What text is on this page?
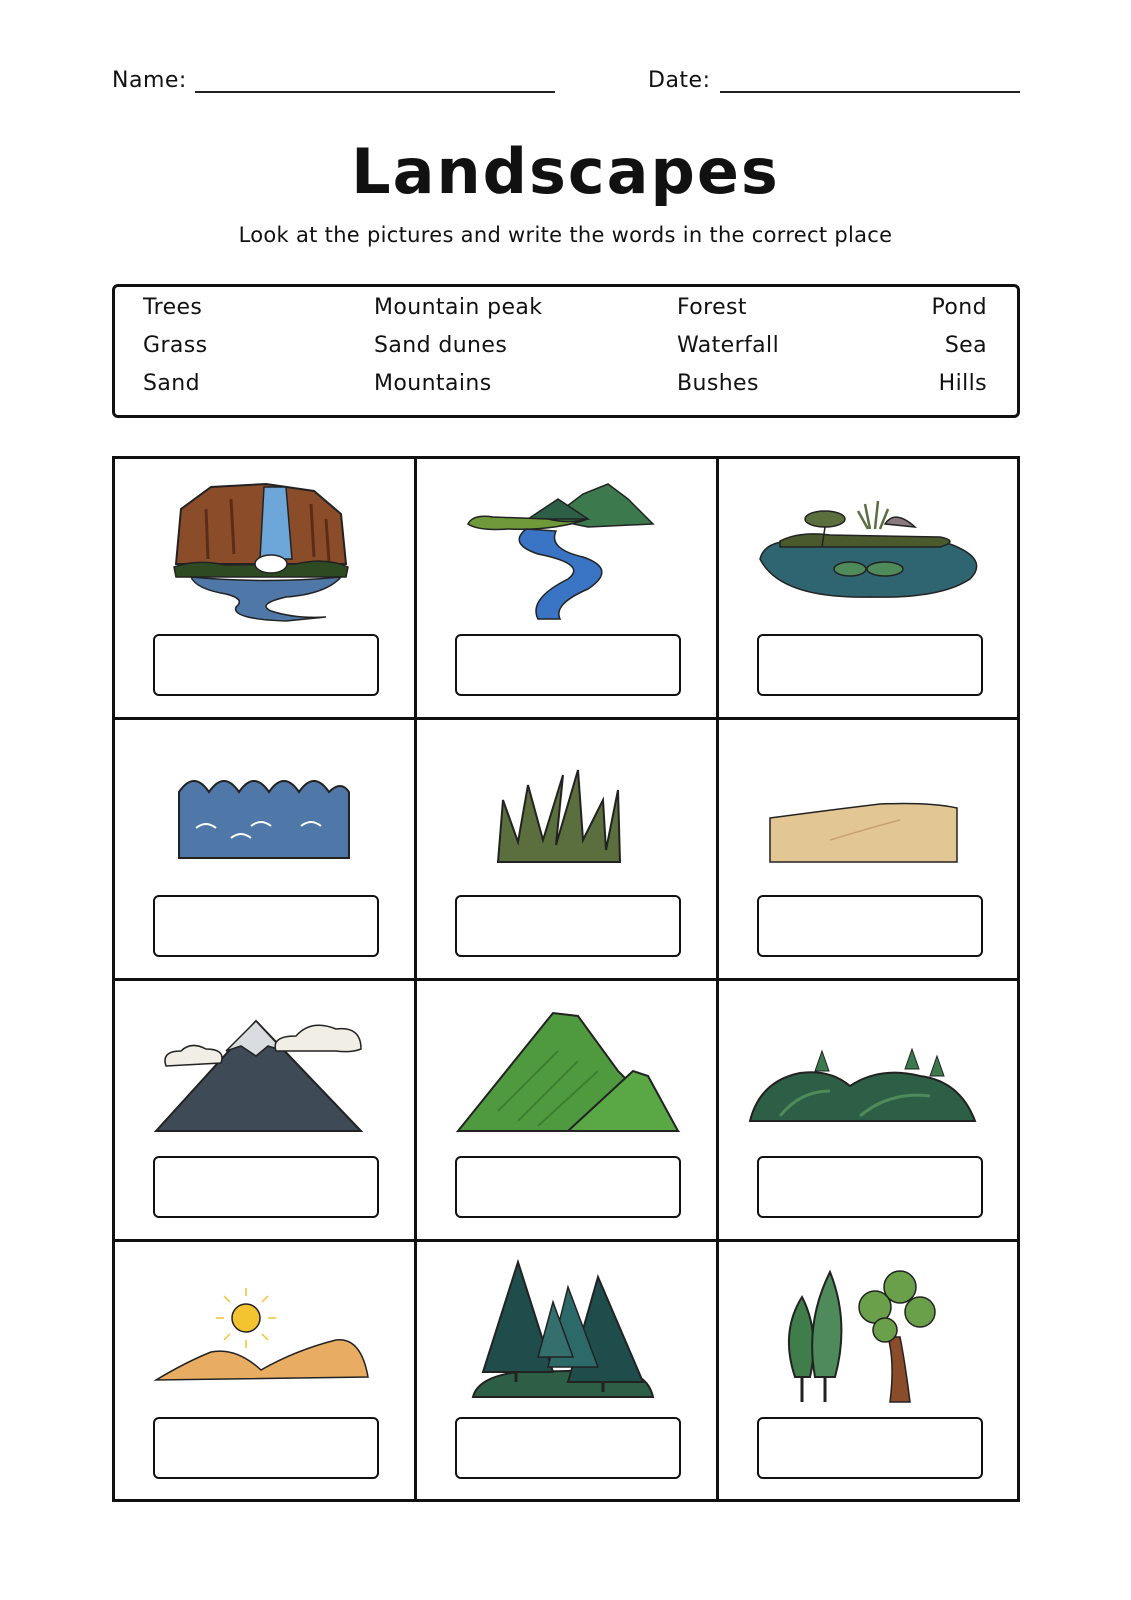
Name:	Date:
Landscapes
Look at the pictures and write the words in the correct place
Trees
Grass
Sand
Mountain peak
Sand dunes
Mountains
Forest
Waterfall
Bushes
Pond
Sea
Hills
